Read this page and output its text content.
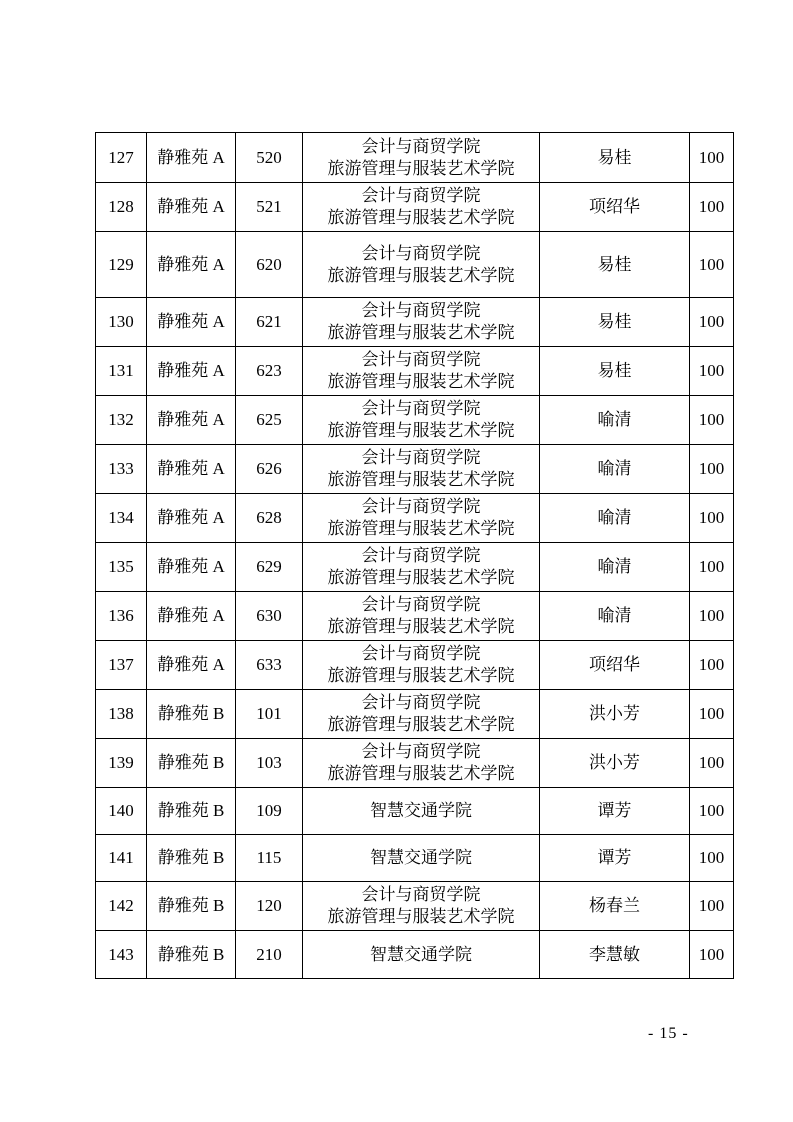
127	静雅苑 A	520	会计与商贸学院
旅游管理与服装艺术学院	易桂	100
128	静雅苑 A	521	会计与商贸学院
旅游管理与服装艺术学院	项绍华	100
129	静雅苑 A	620	会计与商贸学院
旅游管理与服装艺术学院	易桂	100
130	静雅苑 A	621	会计与商贸学院
旅游管理与服装艺术学院	易桂	100
131	静雅苑 A	623	会计与商贸学院
旅游管理与服装艺术学院	易桂	100
132	静雅苑 A	625	会计与商贸学院
旅游管理与服装艺术学院	喻清	100
133	静雅苑 A	626	会计与商贸学院
旅游管理与服装艺术学院	喻清	100
134	静雅苑 A	628	会计与商贸学院
旅游管理与服装艺术学院	喻清	100
135	静雅苑 A	629	会计与商贸学院
旅游管理与服装艺术学院	喻清	100
136	静雅苑 A	630	会计与商贸学院
旅游管理与服装艺术学院	喻清	100
137	静雅苑 A	633	会计与商贸学院
旅游管理与服装艺术学院	项绍华	100
138	静雅苑 B	101	会计与商贸学院
旅游管理与服装艺术学院	洪小芳	100
139	静雅苑 B	103	会计与商贸学院
旅游管理与服装艺术学院	洪小芳	100
140	静雅苑 B	109	智慧交通学院	谭芳	100
141	静雅苑 B	115	智慧交通学院	谭芳	100
142	静雅苑 B	120	会计与商贸学院
旅游管理与服装艺术学院	杨春兰	100
143	静雅苑 B	210	智慧交通学院	李慧敏	100
- 15 -
